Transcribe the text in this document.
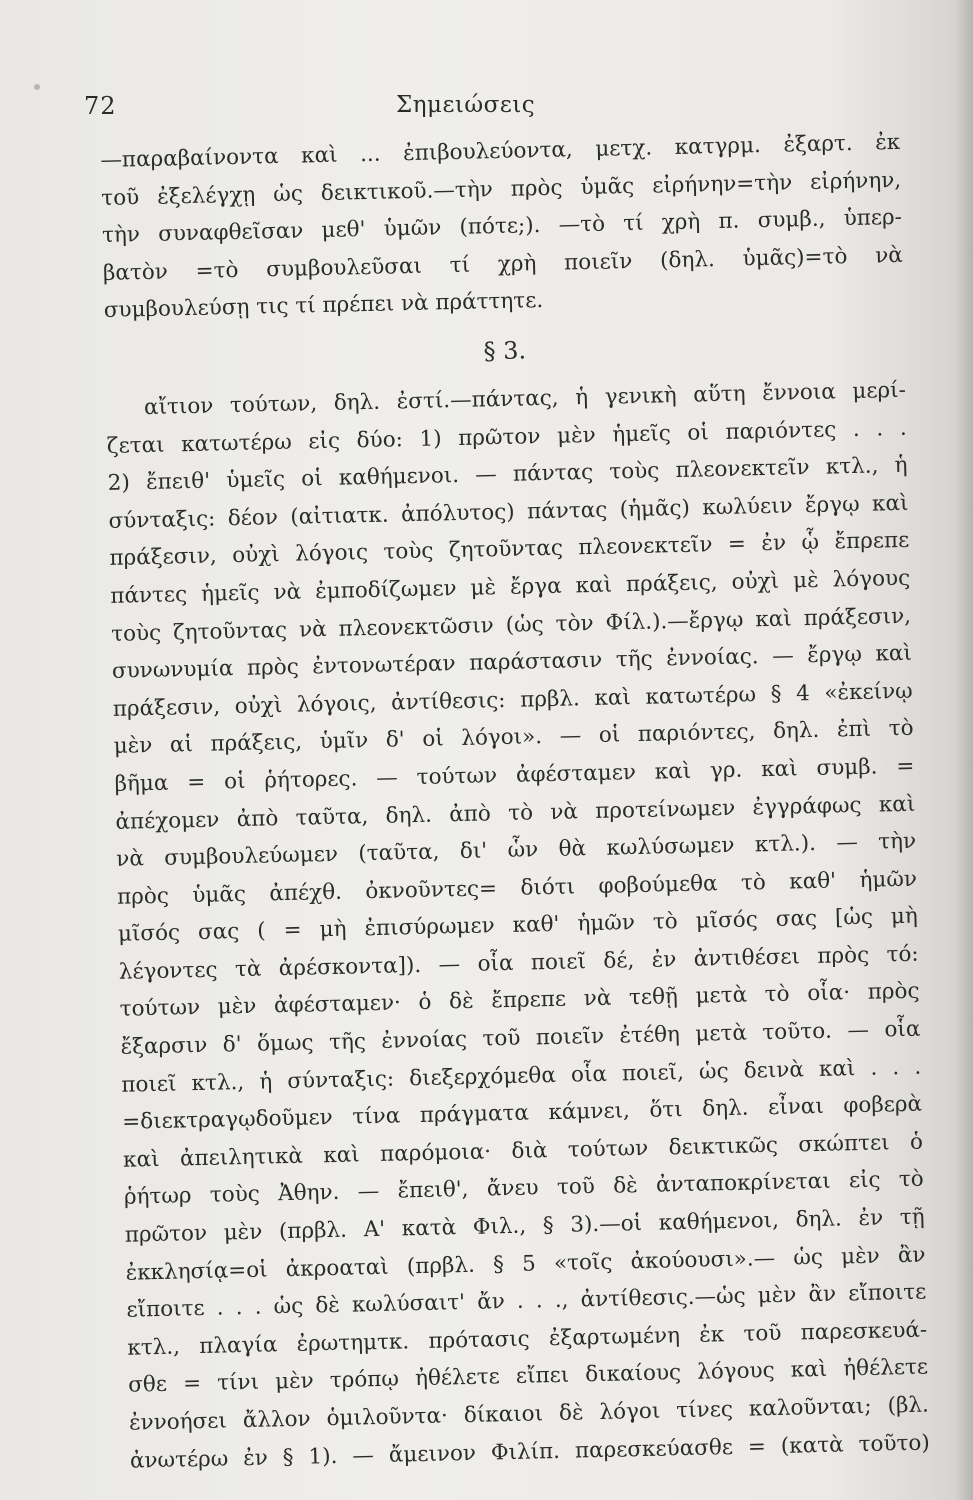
72	Σημειώσεις
—παραβαίνοντα καὶ ... ἐπιβουλεύοντα, μετχ. κατγρμ. ἐξαρτ. ἐκ
τοῦ ἐξελέγχῃ ὡς δεικτικοῦ.—τὴν πρὸς ὑμᾶς εἰρήνην=τὴν εἰρήνην,
τὴν συναφθεῖσαν μεθ' ὑμῶν (πότε;). —τὸ τί χρὴ π. συμβ., ὑπερ-
βατὸν =τὸ συμβουλεῦσαι τί χρὴ ποιεῖν (δηλ. ὑμᾶς)=τὸ νὰ
συμβουλεύσῃ τις τί πρέπει νὰ πράττητε.
§ 3.
αἴτιον τούτων, δηλ. ἐστί.—πάντας, ἡ γενικὴ αὕτη ἔννοια μερί-
ζεται κατωτέρω εἰς δύο: 1) πρῶτον μὲν ἡμεῖς οἱ παριόντες . . .
2) ἔπειθ' ὑμεῖς οἱ καθήμενοι. — πάντας τοὺς πλεονεκτεῖν κτλ., ἡ
σύνταξις: δέον (αἰτιατκ. ἀπόλυτος) πάντας (ἡμᾶς) κωλύειν ἔργῳ καὶ
πράξεσιν, οὐχὶ λόγοις τοὺς ζητοῦντας πλεονεκτεῖν = ἐν ᾧ ἔπρεπε
πάντες ἡμεῖς νὰ ἐμποδίζωμεν μὲ ἔργα καὶ πράξεις, οὐχὶ μὲ λόγους
τοὺς ζητοῦντας νὰ πλεονεκτῶσιν (ὡς τὸν Φίλ.).—ἔργῳ καὶ πράξεσιν,
συνωνυμία πρὸς ἐντονωτέραν παράστασιν τῆς ἐννοίας. — ἔργῳ καὶ
πράξεσιν, οὐχὶ λόγοις, ἀντίθεσις: πρβλ. καὶ κατωτέρω § 4 «ἐκείνῳ
μὲν αἱ πράξεις, ὑμῖν δ' οἱ λόγοι». — οἱ παριόντες, δηλ. ἐπὶ τὸ
βῆμα = οἱ ῥήτορες. — τούτων ἀφέσταμεν καὶ γρ. καὶ συμβ. =
ἀπέχομεν ἀπὸ ταῦτα, δηλ. ἀπὸ τὸ νὰ προτείνωμεν ἐγγράφως καὶ
νὰ συμβουλεύωμεν (ταῦτα, δι' ὧν θὰ κωλύσωμεν κτλ.). — τὴν
πρὸς ὑμᾶς ἀπέχθ. ὀκνοῦντες= διότι φοβούμεθα τὸ καθ' ἡμῶν
μῖσός σας ( = μὴ ἐπισύρωμεν καθ' ἡμῶν τὸ μῖσός σας [ὡς μὴ
λέγοντες τὰ ἀρέσκοντα]). — οἷα ποιεῖ δέ, ἐν ἀντιθέσει πρὸς τό:
τούτων μὲν ἀφέσταμεν· ὁ δὲ ἔπρεπε νὰ τεθῇ μετὰ τὸ οἷα· πρὸς
ἔξαρσιν δ' ὅμως τῆς ἐννοίας τοῦ ποιεῖν ἐτέθη μετὰ τοῦτο. — οἷα
ποιεῖ κτλ., ἡ σύνταξις: διεξερχόμεθα οἷα ποιεῖ, ὡς δεινὰ καὶ . . .
=διεκτραγῳδοῦμεν τίνα πράγματα κάμνει, ὅτι δηλ. εἶναι φοβερὰ
καὶ ἀπειλητικὰ καὶ παρόμοια· διὰ τούτων δεικτικῶς σκώπτει ὁ
ῥήτωρ τοὺς Ἀθην. — ἔπειθ', ἄνευ τοῦ δὲ ἀνταποκρίνεται εἰς τὸ
πρῶτον μὲν (πρβλ. Α' κατὰ Φιλ., § 3).—οἱ καθήμενοι, δηλ. ἐν τῇ
ἐκκλησίᾳ=οἱ ἀκροαταὶ (πρβλ. § 5 «τοῖς ἀκούουσι».— ὡς μὲν ἂν
εἴποιτε . . . ὡς δὲ κωλύσαιτ' ἄν . . ., ἀντίθεσις.—ὡς μὲν ἂν εἴποιτε
κτλ., πλαγία ἐρωτημτκ. πρότασις ἐξαρτωμένη ἐκ τοῦ παρεσκευά-
σθε = τίνι μὲν τρόπῳ ἠθέλετε εἴπει δικαίους λόγους καὶ ἠθέλετε
ἐννοήσει ἄλλον ὁμιλοῦντα· δίκαιοι δὲ λόγοι τίνες καλοῦνται; (βλ.
ἀνωτέρω ἐν § 1). — ἄμεινον Φιλίπ. παρεσκεύασθε = (κατὰ τοῦτο)
